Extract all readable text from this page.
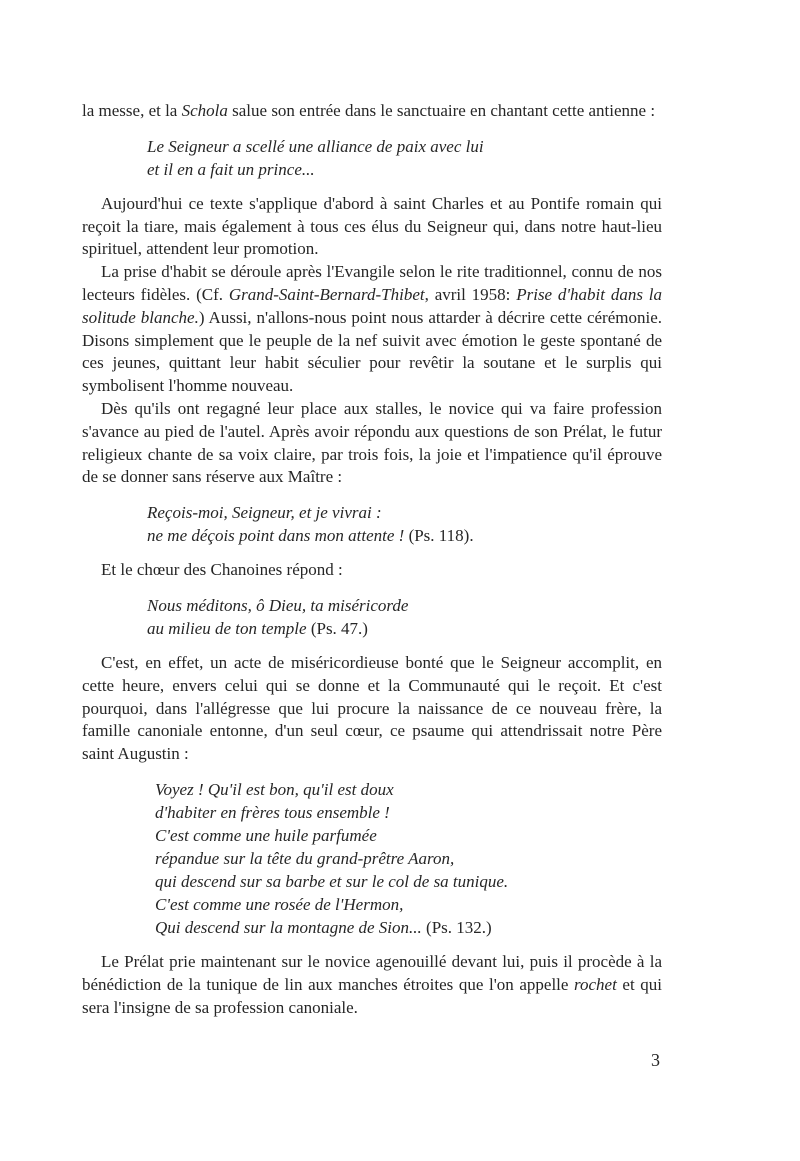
la messe, et la Schola salue son entrée dans le sanctuaire en chantant cette antienne :

Le Seigneur a scellé une alliance de paix avec lui
et il en a fait un prince...

Aujourd'hui ce texte s'applique d'abord à saint Charles et au Pontife romain qui reçoit la tiare, mais également à tous ces élus du Seigneur qui, dans notre haut-lieu spirituel, attendent leur promotion.

La prise d'habit se déroule après l'Evangile selon le rite traditionnel, connu de nos lecteurs fidèles. (Cf. Grand-Saint-Bernard-Thibet, avril 1958: Prise d'habit dans la solitude blanche.) Aussi, n'allons-nous point nous attarder à décrire cette cérémonie. Disons simplement que le peuple de la nef suivit avec émotion le geste spontané de ces jeunes, quittant leur habit séculier pour revêtir la soutane et le surplis qui symbolisent l'homme nouveau.

Dès qu'ils ont regagné leur place aux stalles, le novice qui va faire profession s'avance au pied de l'autel. Après avoir répondu aux questions de son Prélat, le futur religieux chante de sa voix claire, par trois fois, la joie et l'impatience qu'il éprouve de se donner sans réserve aux Maître :

Reçois-moi, Seigneur, et je vivrai :
ne me déçois point dans mon attente ! (Ps. 118).

Et le chœur des Chanoines répond :

Nous méditons, ô Dieu, ta miséricorde
au milieu de ton temple (Ps. 47.)

C'est, en effet, un acte de miséricordieuse bonté que le Seigneur accomplit, en cette heure, envers celui qui se donne et la Communauté qui le reçoit. Et c'est pourquoi, dans l'allégresse que lui procure la naissance de ce nouveau frère, la famille canoniale entonne, d'un seul cœur, ce psaume qui attendrissait notre Père saint Augustin :

Voyez ! Qu'il est bon, qu'il est doux
d'habiter en frères tous ensemble !
C'est comme une huile parfumée
répandue sur la tête du grand-prêtre Aaron,
qui descend sur sa barbe et sur le col de sa tunique.
C'est comme une rosée de l'Hermon,
Qui descend sur la montagne de Sion... (Ps. 132.)

Le Prélat prie maintenant sur le novice agenouillé devant lui, puis il procède à la bénédiction de la tunique de lin aux manches étroites que l'on appelle rochet et qui sera l'insigne de sa profession canoniale.

3
